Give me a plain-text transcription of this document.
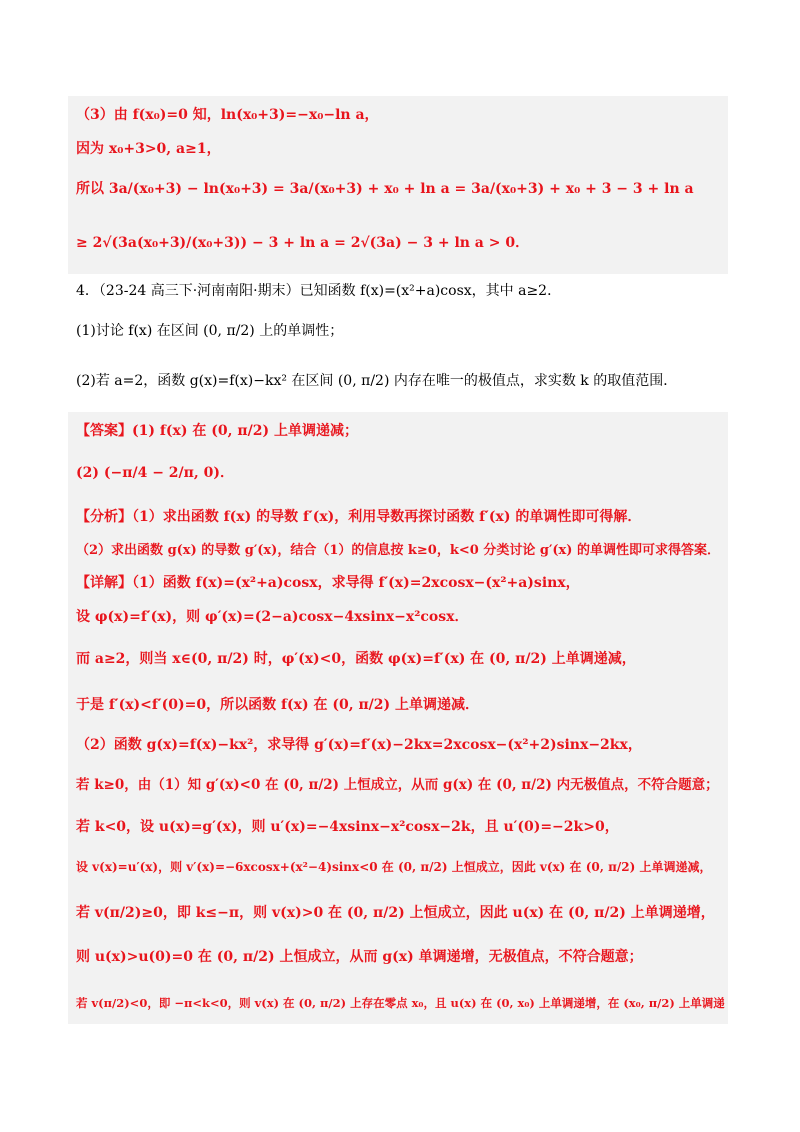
（3）由 f(x₀)=0 知，ln(x₀+3)=−x₀−ln a，
因为 x₀+3>0, a≥1，
所以 3a/(x₀+3) − ln(x₀+3) = 3a/(x₀+3) + x₀ + ln a = 3a/(x₀+3) + x₀ + 3 − 3 + ln a
≥ 2√(3a(x₀+3)/(x₀+3)) − 3 + ln a = 2√(3a) − 3 + ln a > 0．
4．（23-24 高三下·河南南阳·期末）已知函数 f(x)=(x²+a)cosx，其中 a≥2．
(1)讨论 f(x) 在区间 (0, π/2) 上的单调性；
(2)若 a=2，函数 g(x)=f(x)−kx² 在区间 (0, π/2) 内存在唯一的极值点，求实数 k 的取值范围．
【答案】(1) f(x) 在 (0, π/2) 上单调递减；
(2) (−π/4 − 2/π, 0)．
【分析】（1）求出函数 f(x) 的导数 f′(x)，利用导数再探讨函数 f′(x) 的单调性即可得解．
（2）求出函数 g(x) 的导数 g′(x)，结合（1）的信息按 k≥0，k<0 分类讨论 g′(x) 的单调性即可求得答案．
【详解】（1）函数 f(x)=(x²+a)cosx，求导得 f′(x)=2xcosx−(x²+a)sinx，
设 φ(x)=f′(x)，则 φ′(x)=(2−a)cosx−4xsinx−x²cosx．
而 a≥2，则当 x∈(0, π/2) 时，φ′(x)<0，函数 φ(x)=f′(x) 在 (0, π/2) 上单调递减，
于是 f′(x)<f′(0)=0，所以函数 f(x) 在 (0, π/2) 上单调递减．
（2）函数 g(x)=f(x)−kx²，求导得 g′(x)=f′(x)−2kx=2xcosx−(x²+2)sinx−2kx，
若 k≥0，由（1）知 g′(x)<0 在 (0, π/2) 上恒成立，从而 g(x) 在 (0, π/2) 内无极值点，不符合题意；
若 k<0，设 u(x)=g′(x)，则 u′(x)=−4xsinx−x²cosx−2k，且 u′(0)=−2k>0，
设 v(x)=u′(x)，则 v′(x)=−6xcosx+(x²−4)sinx<0 在 (0, π/2) 上恒成立，因此 v(x) 在 (0, π/2) 上单调递减，
若 v(π/2)≥0，即 k≤−π，则 v(x)>0 在 (0, π/2) 上恒成立，因此 u(x) 在 (0, π/2) 上单调递增，
则 u(x)>u(0)=0 在 (0, π/2) 上恒成立，从而 g(x) 单调递增，无极值点，不符合题意；
若 v(π/2)<0，即 −π<k<0，则 v(x) 在 (0, π/2) 上存在零点 x₀，且 u(x) 在 (0, x₀) 上单调递增，在 (x₀, π/2) 上单调递
